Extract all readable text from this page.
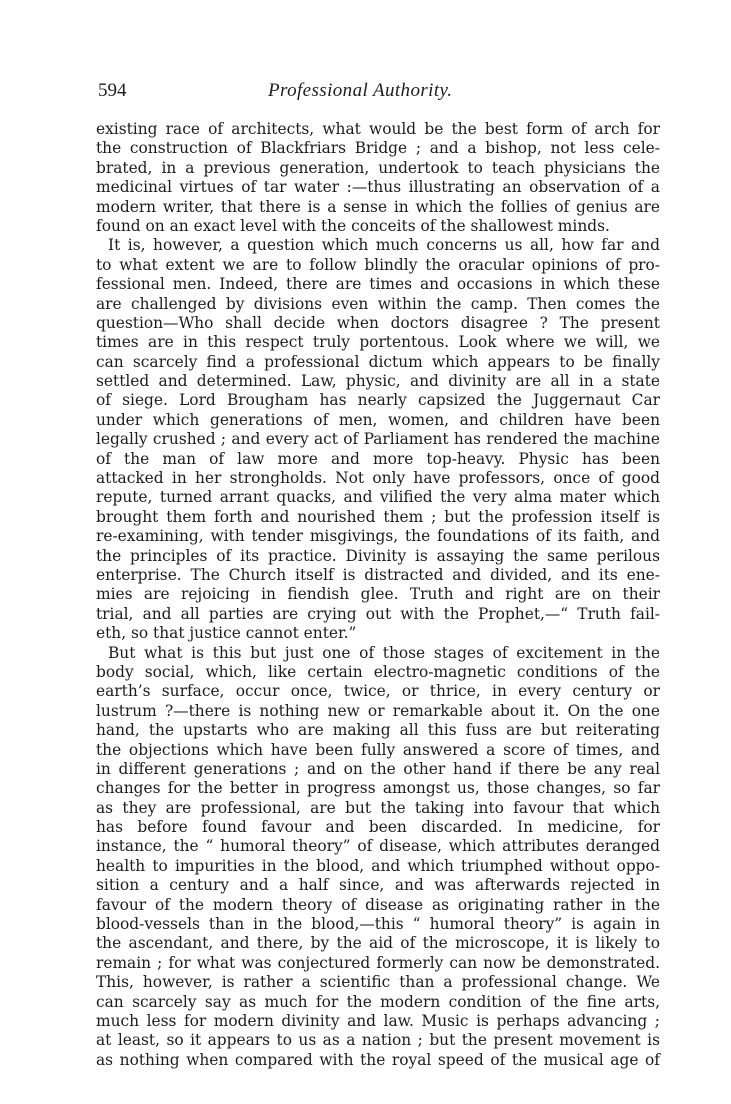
594	Professional Authority.
existing race of architects, what would be the best form of arch for
the construction of Blackfriars Bridge ; and a bishop, not less cele-
brated, in a previous generation, undertook to teach physicians the
medicinal virtues of tar water :—thus illustrating an observation of a
modern writer, that there is a sense in which the follies of genius are
found on an exact level with the conceits of the shallowest minds.
It is, however, a question which much concerns us all, how far and
to what extent we are to follow blindly the oracular opinions of pro-
fessional men. Indeed, there are times and occasions in which these
are challenged by divisions even within the camp. Then comes the
question—Who shall decide when doctors disagree ? The present
times are in this respect truly portentous. Look where we will, we
can scarcely find a professional dictum which appears to be finally
settled and determined. Law, physic, and divinity are all in a state
of siege. Lord Brougham has nearly capsized the Juggernaut Car
under which generations of men, women, and children have been
legally crushed ; and every act of Parliament has rendered the machine
of the man of law more and more top-heavy. Physic has been
attacked in her strongholds. Not only have professors, once of good
repute, turned arrant quacks, and vilified the very alma mater which
brought them forth and nourished them ; but the profession itself is
re-examining, with tender misgivings, the foundations of its faith, and
the principles of its practice. Divinity is assaying the same perilous
enterprise. The Church itself is distracted and divided, and its ene-
mies are rejoicing in fiendish glee. Truth and right are on their
trial, and all parties are crying out with the Prophet,—“ Truth fail-
eth, so that justice cannot enter.”
But what is this but just one of those stages of excitement in the
body social, which, like certain electro-magnetic conditions of the
earth’s surface, occur once, twice, or thrice, in every century or
lustrum ?—there is nothing new or remarkable about it. On the one
hand, the upstarts who are making all this fuss are but reiterating
the objections which have been fully answered a score of times, and
in different generations ; and on the other hand if there be any real
changes for the better in progress amongst us, those changes, so far
as they are professional, are but the taking into favour that which
has before found favour and been discarded. In medicine, for
instance, the “ humoral theory” of disease, which attributes deranged
health to impurities in the blood, and which triumphed without oppo-
sition a century and a half since, and was afterwards rejected in
favour of the modern theory of disease as originating rather in the
blood-vessels than in the blood,—this “ humoral theory” is again in
the ascendant, and there, by the aid of the microscope, it is likely to
remain ; for what was conjectured formerly can now be demonstrated.
This, however, is rather a scientific than a professional change. We
can scarcely say as much for the modern condition of the fine arts,
much less for modern divinity and law. Music is perhaps advancing ;
at least, so it appears to us as a nation ; but the present movement is
as nothing when compared with the royal speed of the musical age of
